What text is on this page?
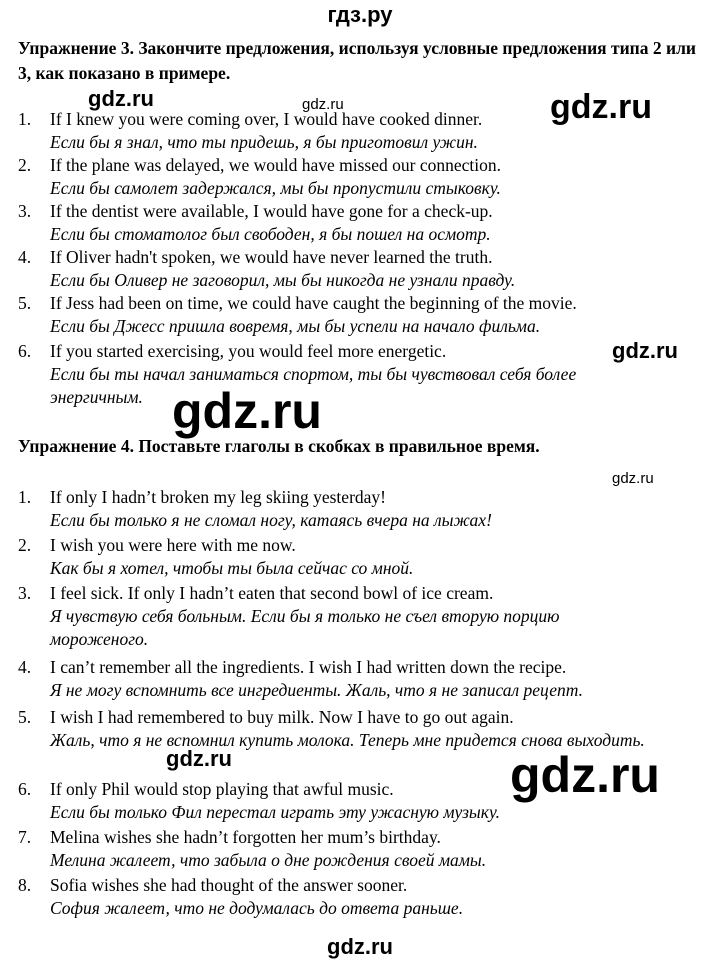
гдз.ру
Упражнение 3. Закончите предложения, используя условные предложения типа 2 или 3, как показано в примере.
1. If I knew you were coming over, I would have cooked dinner.
Если бы я знал, что ты придешь, я бы приготовил ужин.
2. If the plane was delayed, we would have missed our connection.
Если бы самолет задержался, мы бы пропустили стыковку.
3. If the dentist were available, I would have gone for a check-up.
Если бы стоматолог был свободен, я бы пошел на осмотр.
4. If Oliver hadn't spoken, we would have never learned the truth.
Если бы Оливер не заговорил, мы бы никогда не узнали правду.
5. If Jess had been on time, we could have caught the beginning of the movie.
Если бы Джесс пришла вовремя, мы бы успели на начало фильма.
6. If you started exercising, you would feel more energetic.
Если бы ты начал заниматься спортом, ты бы чувствовал себя более энергичным.
Упражнение 4. Поставьте глаголы в скобках в правильное время.
1. If only I hadn’t broken my leg skiing yesterday!
Если бы только я не сломал ногу, катаясь вчера на лыжах!
2. I wish you were here with me now.
Как бы я хотел, чтобы ты была сейчас со мной.
3. I feel sick. If only I hadn’t eaten that second bowl of ice cream.
Я чувствую себя больным. Если бы я только не съел вторую порцию мороженого.
4. I can’t remember all the ingredients. I wish I had written down the recipe.
Я не могу вспомнить все ингредиенты. Жаль, что я не записал рецепт.
5. I wish I had remembered to buy milk. Now I have to go out again.
Жаль, что я не вспомнил купить молока. Теперь мне придется снова выходить.
6. If only Phil would stop playing that awful music.
Если бы только Фил перестал играть эту ужасную музыку.
7. Melina wishes she hadn’t forgotten her mum’s birthday.
Мелина жалеет, что забыла о дне рождения своей мамы.
8. Sofia wishes she had thought of the answer sooner.
София жалеет, что не додумалась до ответа раньше.
gdz.ru	gdz.ru	gdz.ru
gdz.ru
gdz.ru
gdz.ru
gdz.ru	gdz.ru
gdz.ru
